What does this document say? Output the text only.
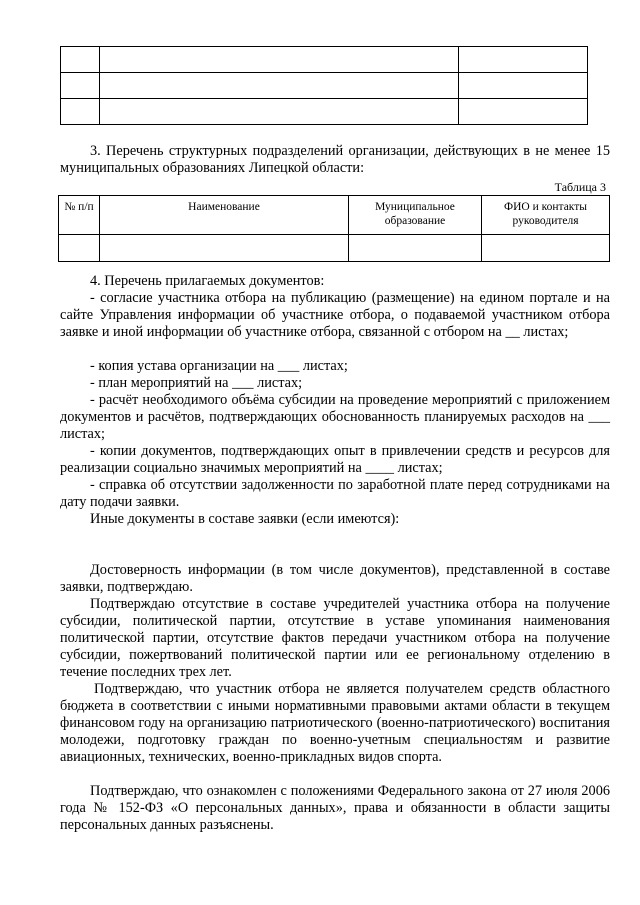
3. Перечень структурных подразделений организации, действующих в не менее 15 муниципальных образованиях Липецкой области:

Таблица 3
№ п/п	Наименование	Муниципальное образование	ФИО и контакты руководителя

4. Перечень прилагаемых документов:

- согласие участника отбора на публикацию (размещение) на едином портале и на сайте Управления информации об участнике отбора, о подаваемой участником отбора заявке и иной информации об участнике отбора, связанной с отбором на __ листах;

- копия устава организации на ___ листах;

- план мероприятий на ___ листах;

- расчёт необходимого объёма субсидии на проведение мероприятий с приложением документов и расчётов, подтверждающих обоснованность планируемых расходов на ___ листах;

- копии документов, подтверждающих опыт в привлечении средств и ресурсов для реализации социально значимых мероприятий на ____ листах;

- справка об отсутствии задолженности по заработной плате перед сотрудниками на дату подачи заявки.

Иные документы в составе заявки (если имеются):

Достоверность информации (в том числе документов), представленной в составе заявки, подтверждаю.

Подтверждаю отсутствие в составе учредителей участника отбора на получение субсидии, политической партии, отсутствие в уставе упоминания наименования политической партии, отсутствие фактов передачи участником отбора на получение субсидии, пожертвований политической партии или ее региональному отделению в течение последних трех лет.

Подтверждаю, что участник отбора не является получателем средств областного бюджета в соответствии с иными нормативными правовыми актами области в текущем финансовом году на организацию патриотического (военно-патриотического) воспитания молодежи, подготовку граждан по военно-учетным специальностям и развитие авиационных, технических, военно-прикладных видов спорта.

Подтверждаю, что ознакомлен с положениями Федерального закона от 27 июля 2006 года № 152-ФЗ «О персональных данных», права и обязанности в области защиты персональных данных разъяснены.
